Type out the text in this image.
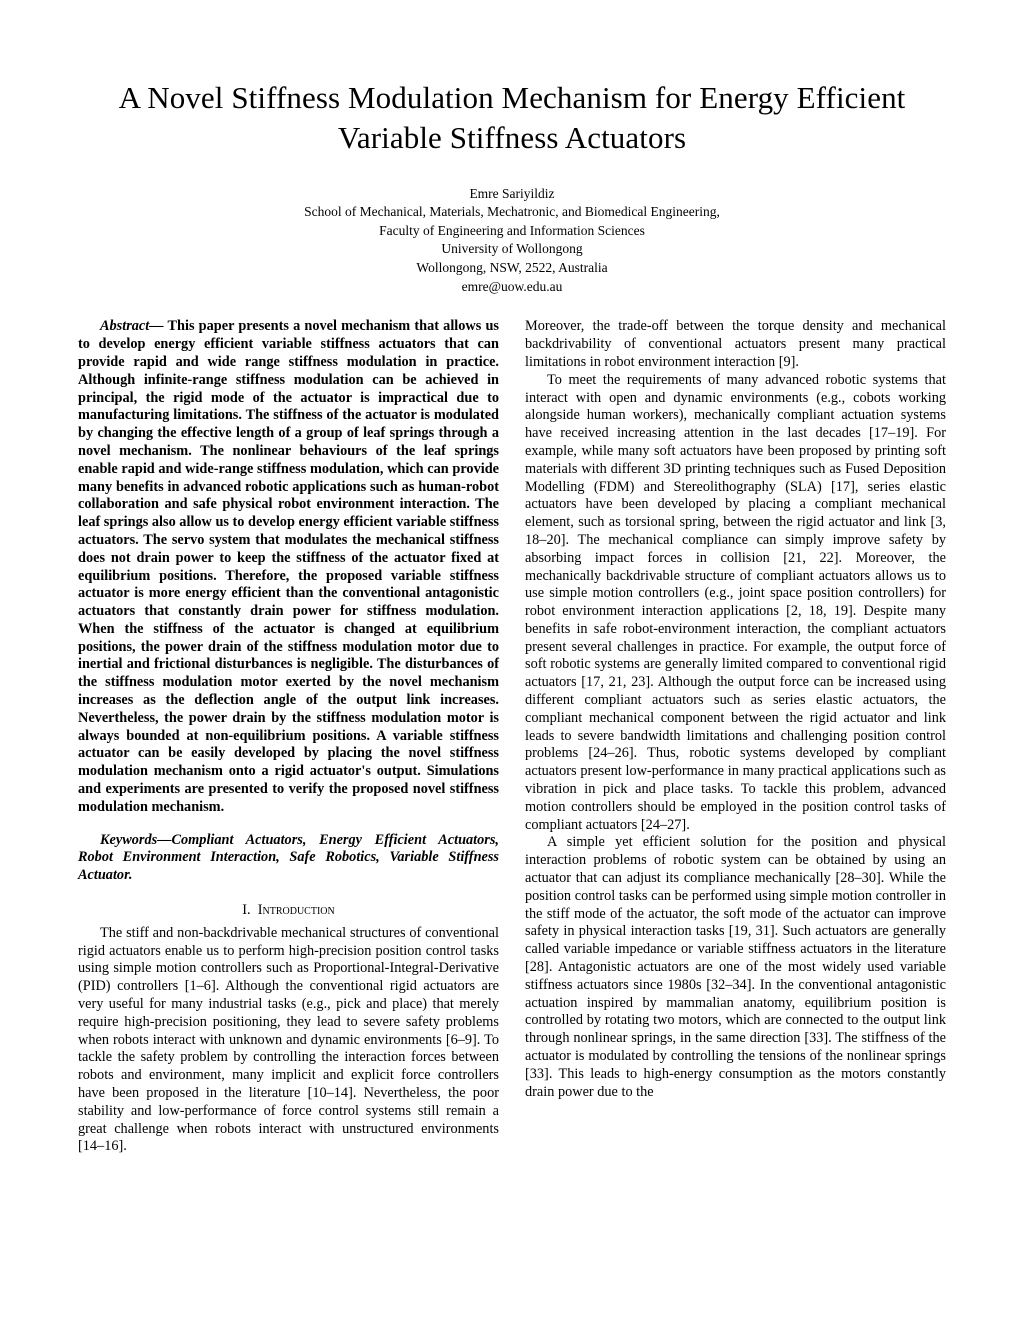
A Novel Stiffness Modulation Mechanism for Energy Efficient Variable Stiffness Actuators
Emre Sariyildiz
School of Mechanical, Materials, Mechatronic, and Biomedical Engineering,
Faculty of Engineering and Information Sciences
University of Wollongong
Wollongong, NSW, 2522, Australia
emre@uow.edu.au

Abstract— This paper presents a novel mechanism that allows us to develop energy efficient variable stiffness actuators that can provide rapid and wide range stiffness modulation in practice. Although infinite-range stiffness modulation can be achieved in principal, the rigid mode of the actuator is impractical due to manufacturing limitations. The stiffness of the actuator is modulated by changing the effective length of a group of leaf springs through a novel mechanism. The nonlinear behaviours of the leaf springs enable rapid and wide-range stiffness modulation, which can provide many benefits in advanced robotic applications such as human-robot collaboration and safe physical robot environment interaction. The leaf springs also allow us to develop energy efficient variable stiffness actuators. The servo system that modulates the mechanical stiffness does not drain power to keep the stiffness of the actuator fixed at equilibrium positions. Therefore, the proposed variable stiffness actuator is more energy efficient than the conventional antagonistic actuators that constantly drain power for stiffness modulation. When the stiffness of the actuator is changed at equilibrium positions, the power drain of the stiffness modulation motor due to inertial and frictional disturbances is negligible. The disturbances of the stiffness modulation motor exerted by the novel mechanism increases as the deflection angle of the output link increases. Nevertheless, the power drain by the stiffness modulation motor is always bounded at non-equilibrium positions. A variable stiffness actuator can be easily developed by placing the novel stiffness modulation mechanism onto a rigid actuator's output. Simulations and experiments are presented to verify the proposed novel stiffness modulation mechanism.

Keywords—Compliant Actuators, Energy Efficient Actuators, Robot Environment Interaction, Safe Robotics, Variable Stiffness Actuator.

I. Introduction

The stiff and non-backdrivable mechanical structures of conventional rigid actuators enable us to perform high-precision position control tasks using simple motion controllers such as Proportional-Integral-Derivative (PID) controllers [1–6]. Although the conventional rigid actuators are very useful for many industrial tasks (e.g., pick and place) that merely require high-precision positioning, they lead to severe safety problems when robots interact with unknown and dynamic environments [6–9]. To tackle the safety problem by controlling the interaction forces between robots and environment, many implicit and explicit force controllers have been proposed in the literature [10–14]. Nevertheless, the poor stability and low-performance of force control systems still remain a great challenge when robots interact with unstructured environments [14–16].

Moreover, the trade-off between the torque density and mechanical backdrivability of conventional actuators present many practical limitations in robot environment interaction [9].

To meet the requirements of many advanced robotic systems that interact with open and dynamic environments (e.g., cobots working alongside human workers), mechanically compliant actuation systems have received increasing attention in the last decades [17–19]. For example, while many soft actuators have been proposed by printing soft materials with different 3D printing techniques such as Fused Deposition Modelling (FDM) and Stereolithography (SLA) [17], series elastic actuators have been developed by placing a compliant mechanical element, such as torsional spring, between the rigid actuator and link [3, 18–20]. The mechanical compliance can simply improve safety by absorbing impact forces in collision [21, 22]. Moreover, the mechanically backdrivable structure of compliant actuators allows us to use simple motion controllers (e.g., joint space position controllers) for robot environment interaction applications [2, 18, 19]. Despite many benefits in safe robot-environment interaction, the compliant actuators present several challenges in practice. For example, the output force of soft robotic systems are generally limited compared to conventional rigid actuators [17, 21, 23]. Although the output force can be increased using different compliant actuators such as series elastic actuators, the compliant mechanical component between the rigid actuator and link leads to severe bandwidth limitations and challenging position control problems [24–26]. Thus, robotic systems developed by compliant actuators present low-performance in many practical applications such as vibration in pick and place tasks. To tackle this problem, advanced motion controllers should be employed in the position control tasks of compliant actuators [24–27].

A simple yet efficient solution for the position and physical interaction problems of robotic system can be obtained by using an actuator that can adjust its compliance mechanically [28–30]. While the position control tasks can be performed using simple motion controller in the stiff mode of the actuator, the soft mode of the actuator can improve safety in physical interaction tasks [19, 31]. Such actuators are generally called variable impedance or variable stiffness actuators in the literature [28]. Antagonistic actuators are one of the most widely used variable stiffness actuators since 1980s [32–34]. In the conventional antagonistic actuation inspired by mammalian anatomy, equilibrium position is controlled by rotating two motors, which are connected to the output link through nonlinear springs, in the same direction [33]. The stiffness of the actuator is modulated by controlling the tensions of the nonlinear springs [33]. This leads to high-energy consumption as the motors constantly drain power due to the
